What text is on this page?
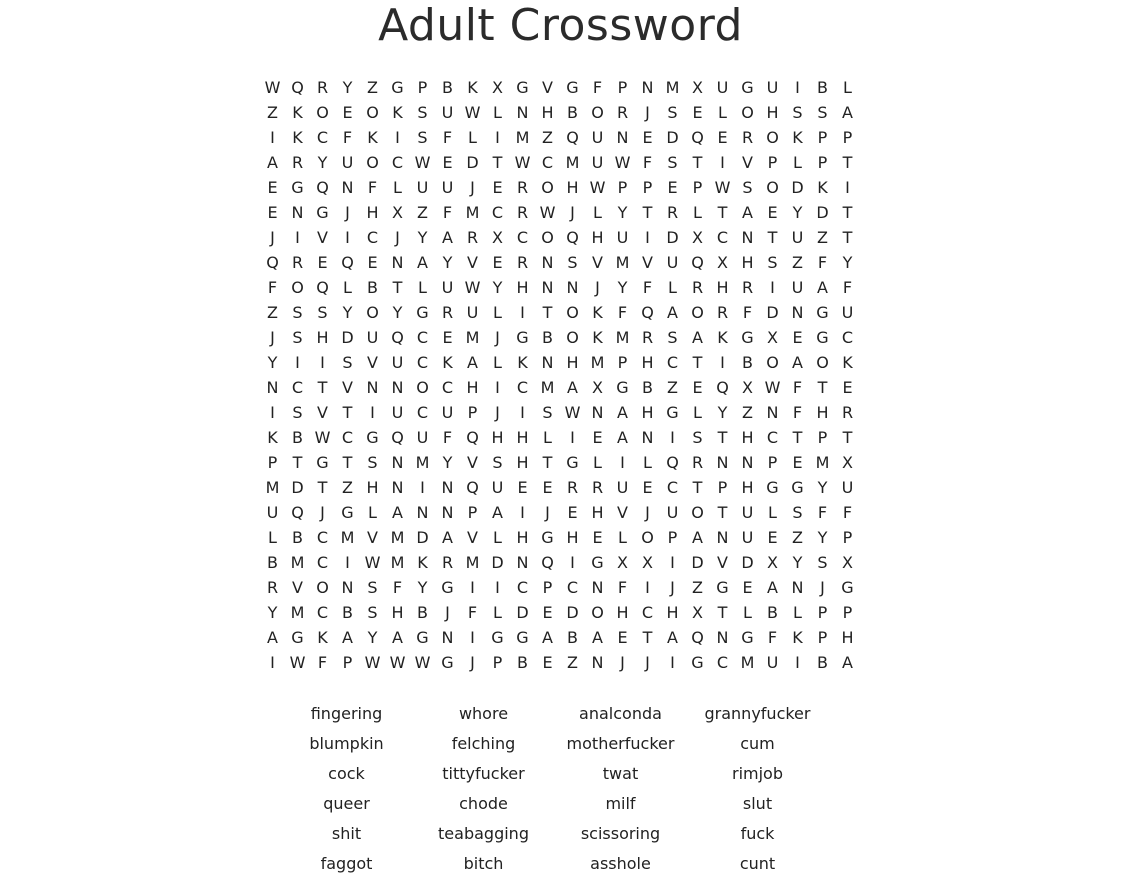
Adult Crossword
W Q R Y Z G P B K X G V G F P N M X U G U	I	B L
Z K O E O K S U W L N H B O R	J	S E L O H S S A
I	K C F K	I	S F L	I M Z Q U N E D Q E R O K P P
A R Y U O C W E D T W C M U W F S T	I	V P L P T
E G Q N F L U U	J	E R O H W P P E P W S O D K	I
E N G	J	H X Z F M C R W J	L Y T R L T A E Y D T
J	I	V	I	C	J	Y A R X C O Q H U	I	D X C N T U Z T
Q R E Q E N A Y V E R N S V M V U Q X H S Z F Y
F O Q L B T L U W Y H N N	J	Y F L R H R	I	U A F
Z S S Y O Y G R U L	I	T O K F Q A O R F D N G U
J	S H D U Q C E M J	G B O K M R S A K G X E G C
Y	I	I	S V U C K A L K N H M P H C T	I	B O A O K
N C T V N N O C H	I	C M A X G B Z E Q X W F T E
I	S V T	I	U C U P	J	I	S W N A H G L Y Z N F H R
K B W C G Q U F Q H H L	I	E A N	I	S T H C T P T
P T G T S N M Y V S H T G L	I	L Q R N N P E M X
M D T Z H N	I	N Q U E E R R U E C T P H G G Y U
U Q	J	G L A N N P A	I	J	E H V	J	U O T U L S F F
L B C M V M D A V L H G H E L O P A N U E Z Y P
B M C	I W M K R M D N Q	I	G X X	I	D V D X Y S X
R V O N S F Y G	I	I	C P C N F	I	J	Z G E A N	J	G
Y M C B S H B	J	F L D E D O H C H X T L B L P P
A G K A Y A G N	I	G G A B A E T A Q N G F K P H
I W F P W W W G	J	P B E Z N	J	J	I	G C M U	I	B A
fingering	whore	analconda	grannyfucker
blumpkin	felching	motherfucker	cum
cock	tittyfucker	twat	rimjob
queer	chode	milf	slut
shit	teabagging	scissoring	fuck
faggot	bitch	asshole	cunt
